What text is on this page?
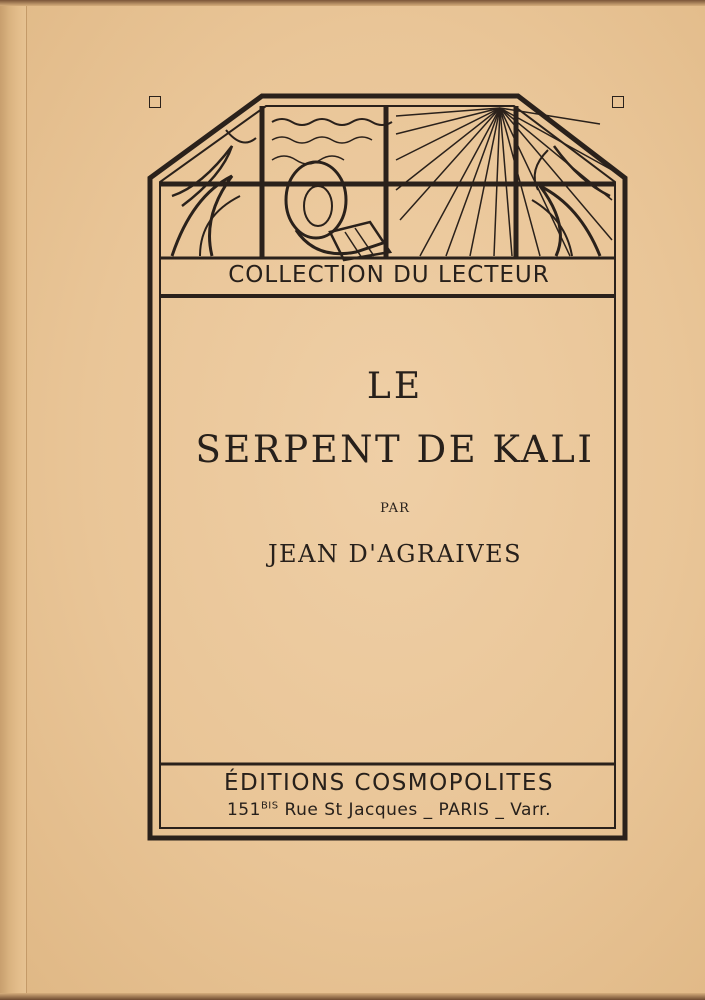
COLLECTION DU LECTEUR
LE
SERPENT DE KALI
PAR
JEAN D'AGRAIVES
ÉDITIONS COSMOPOLITES
$151^{BIS}$ Rue St Jacques _ PARIS _ Varr.
